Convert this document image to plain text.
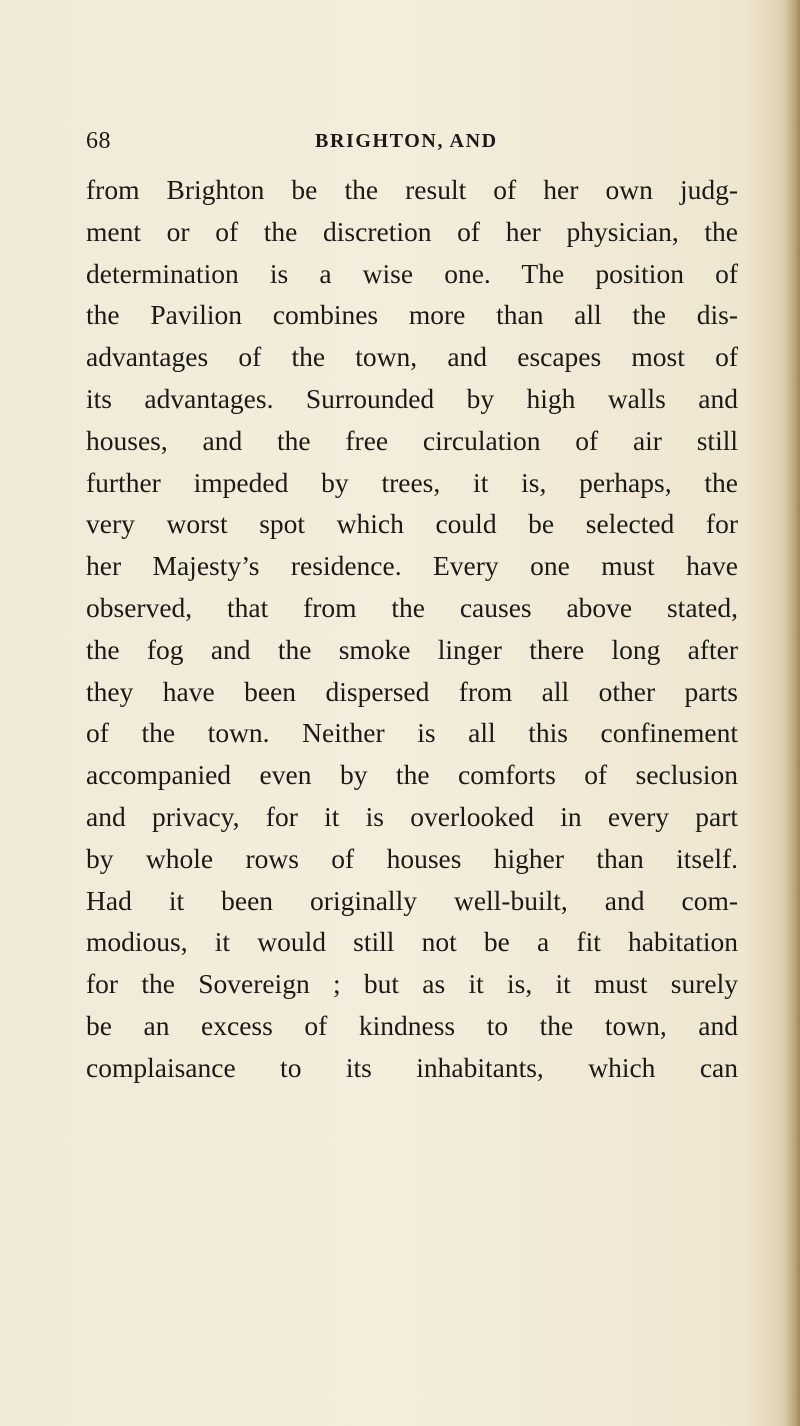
68	BRIGHTON, AND
from Brighton be the result of her own judg-
ment or of the discretion of her physician, the
determination is a wise one. The position of
the Pavilion combines more than all the dis-
advantages of the town, and escapes most of
its advantages. Surrounded by high walls and
houses, and the free circulation of air still
further impeded by trees, it is, perhaps, the
very worst spot which could be selected for
her Majesty’s residence. Every one must have
observed, that from the causes above stated,
the fog and the smoke linger there long after
they have been dispersed from all other parts
of the town. Neither is all this confinement
accompanied even by the comforts of seclusion
and privacy, for it is overlooked in every part
by whole rows of houses higher than itself.
Had it been originally well-built, and com-
modious, it would still not be a fit habitation
for the Sovereign ; but as it is, it must surely
be an excess of kindness to the town, and
complaisance to its inhabitants, which can
